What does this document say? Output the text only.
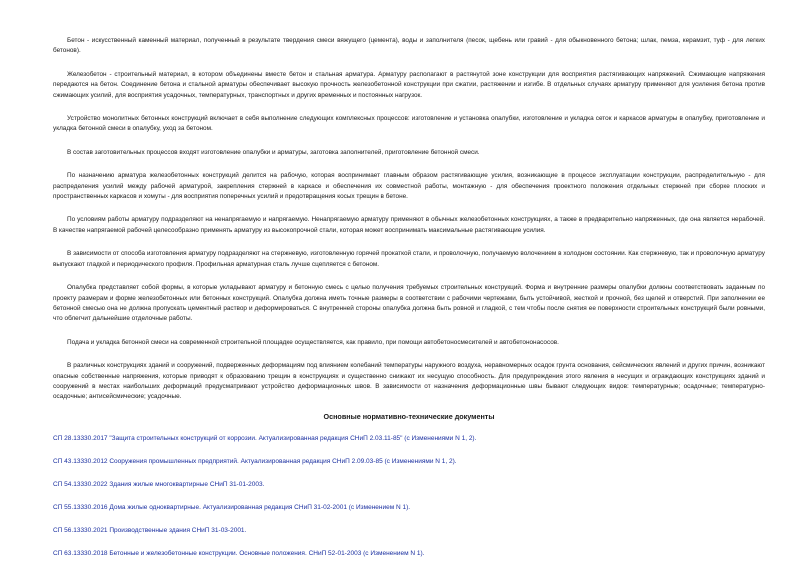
Бетон - искусственный каменный материал, полученный в результате твердения смеси вяжущего (цемента), воды и заполнителя (песок, щебень или гравий - для обыкновенного бетона; шлак, пемза, керамзит, туф - для легких бетонов).

Железобетон - строительный материал, в котором объединены вместе бетон и стальная арматура. Арматуру располагают в растянутой зоне конструкции для восприятия растягивающих напряжений. Сжимающие напряжения передаются на бетон. Соединение бетона и стальной арматуры обеспечивает высокую прочность железобетонной конструкции при сжатии, растяжении и изгибе. В отдельных случаях арматуру применяют для усиления бетона против сжимающих усилий, для восприятия усадочных, температурных, транспортных и других временных и постоянных нагрузок.

Устройство монолитных бетонных конструкций включает в себя выполнение следующих комплексных процессов: изготовление и установка опалубки, изготовление и укладка сеток и каркасов арматуры в опалубку, приготовление и укладка бетонной смеси в опалубку, уход за бетоном.

В состав заготовительных процессов входят изготовление опалубки и арматуры, заготовка заполнителей, приготовление бетонной смеси.

По назначению арматура железобетонных конструкций делится на рабочую, которая воспринимает главным образом растягивающие усилия, возникающие в процессе эксплуатации конструкции, распределительную - для распределения усилий между рабочей арматурой, закрепления стержней в каркасе и обеспечения их совместной работы, монтажную - для обеспечения проектного положения отдельных стержней при сборке плоских и пространственных каркасов и хомуты - для восприятия поперечных усилий и предотвращения косых трещин в бетоне.

По условиям работы арматуру подразделяют на ненапрягаемую и напрягаемую. Ненапрягаемую арматуру применяют в обычных железобетонных конструкциях, а также в предварительно напряженных, где она является нерабочей. В качестве напрягаемой рабочей целесообразно применять арматуру из высокопрочной стали, которая может воспринимать максимальные растягивающие усилия.

В зависимости от способа изготовления арматуру подразделяют на стержневую, изготовленную горячей прокаткой стали, и проволочную, получаемую волочением в холодном состоянии. Как стержневую, так и проволочную арматуру выпускают гладкой и периодического профиля. Профильная арматурная сталь лучше сцепляется с бетоном.

Опалубка представляет собой формы, в которые укладывают арматуру и бетонную смесь с целью получения требуемых строительных конструкций. Форма и внутренние размеры опалубки должны соответствовать заданным по проекту размерам и форме железобетонных или бетонных конструкций. Опалубка должна иметь точные размеры в соответствии с рабочими чертежами, быть устойчивой, жесткой и прочной, без щелей и отверстий. При заполнении ее бетонной смесью она не должна пропускать цементный раствор и деформироваться. С внутренней стороны опалубка должна быть ровной и гладкой, с тем чтобы после снятия ее поверхности строительных конструкций были ровными, что облегчит дальнейшие отделочные работы.

Подача и укладка бетонной смеси на современной строительной площадке осуществляется, как правило, при помощи автобетоносмесителей и автобетононасосов.

В различных конструкциях зданий и сооружений, подверженных деформациям под влиянием колебаний температуры наружного воздуха, неравномерных осадок грунта основания, сейсмических явлений и других причин, возникают опасные собственные напряжения, которые приводят к образованию трещин в конструкциях и существенно снижают их несущую способность. Для предупреждения этого явления в несущих и ограждающих конструкциях зданий и сооружений в местах наибольших деформаций предусматривают устройство деформационных швов. В зависимости от назначения деформационные швы бывают следующих видов: температурные; осадочные; температурно-осадочные; антисейсмические; усадочные.

Основные нормативно-технические документы
СП 28.13330.2017 "Защита строительных конструкций от коррозии. Актуализированная редакция СНиП 2.03.11-85" (с Изменениями N 1, 2).
СП 43.13330.2012 Сооружения промышленных предприятий. Актуализированная редакция СНиП 2.09.03-85 (с Изменениями N 1, 2).
СП 54.13330.2022 Здания жилые многоквартирные СНиП 31-01-2003.
СП 55.13330.2016 Дома жилые одноквартирные. Актуализированная редакция СНиП 31-02-2001 (с Изменением N 1).
СП 56.13330.2021 Производственные здания СНиП 31-03-2001.
СП 63.13330.2018 Бетонные и железобетонные конструкции. Основные положения. СНиП 52-01-2003 (с Изменением N 1).
